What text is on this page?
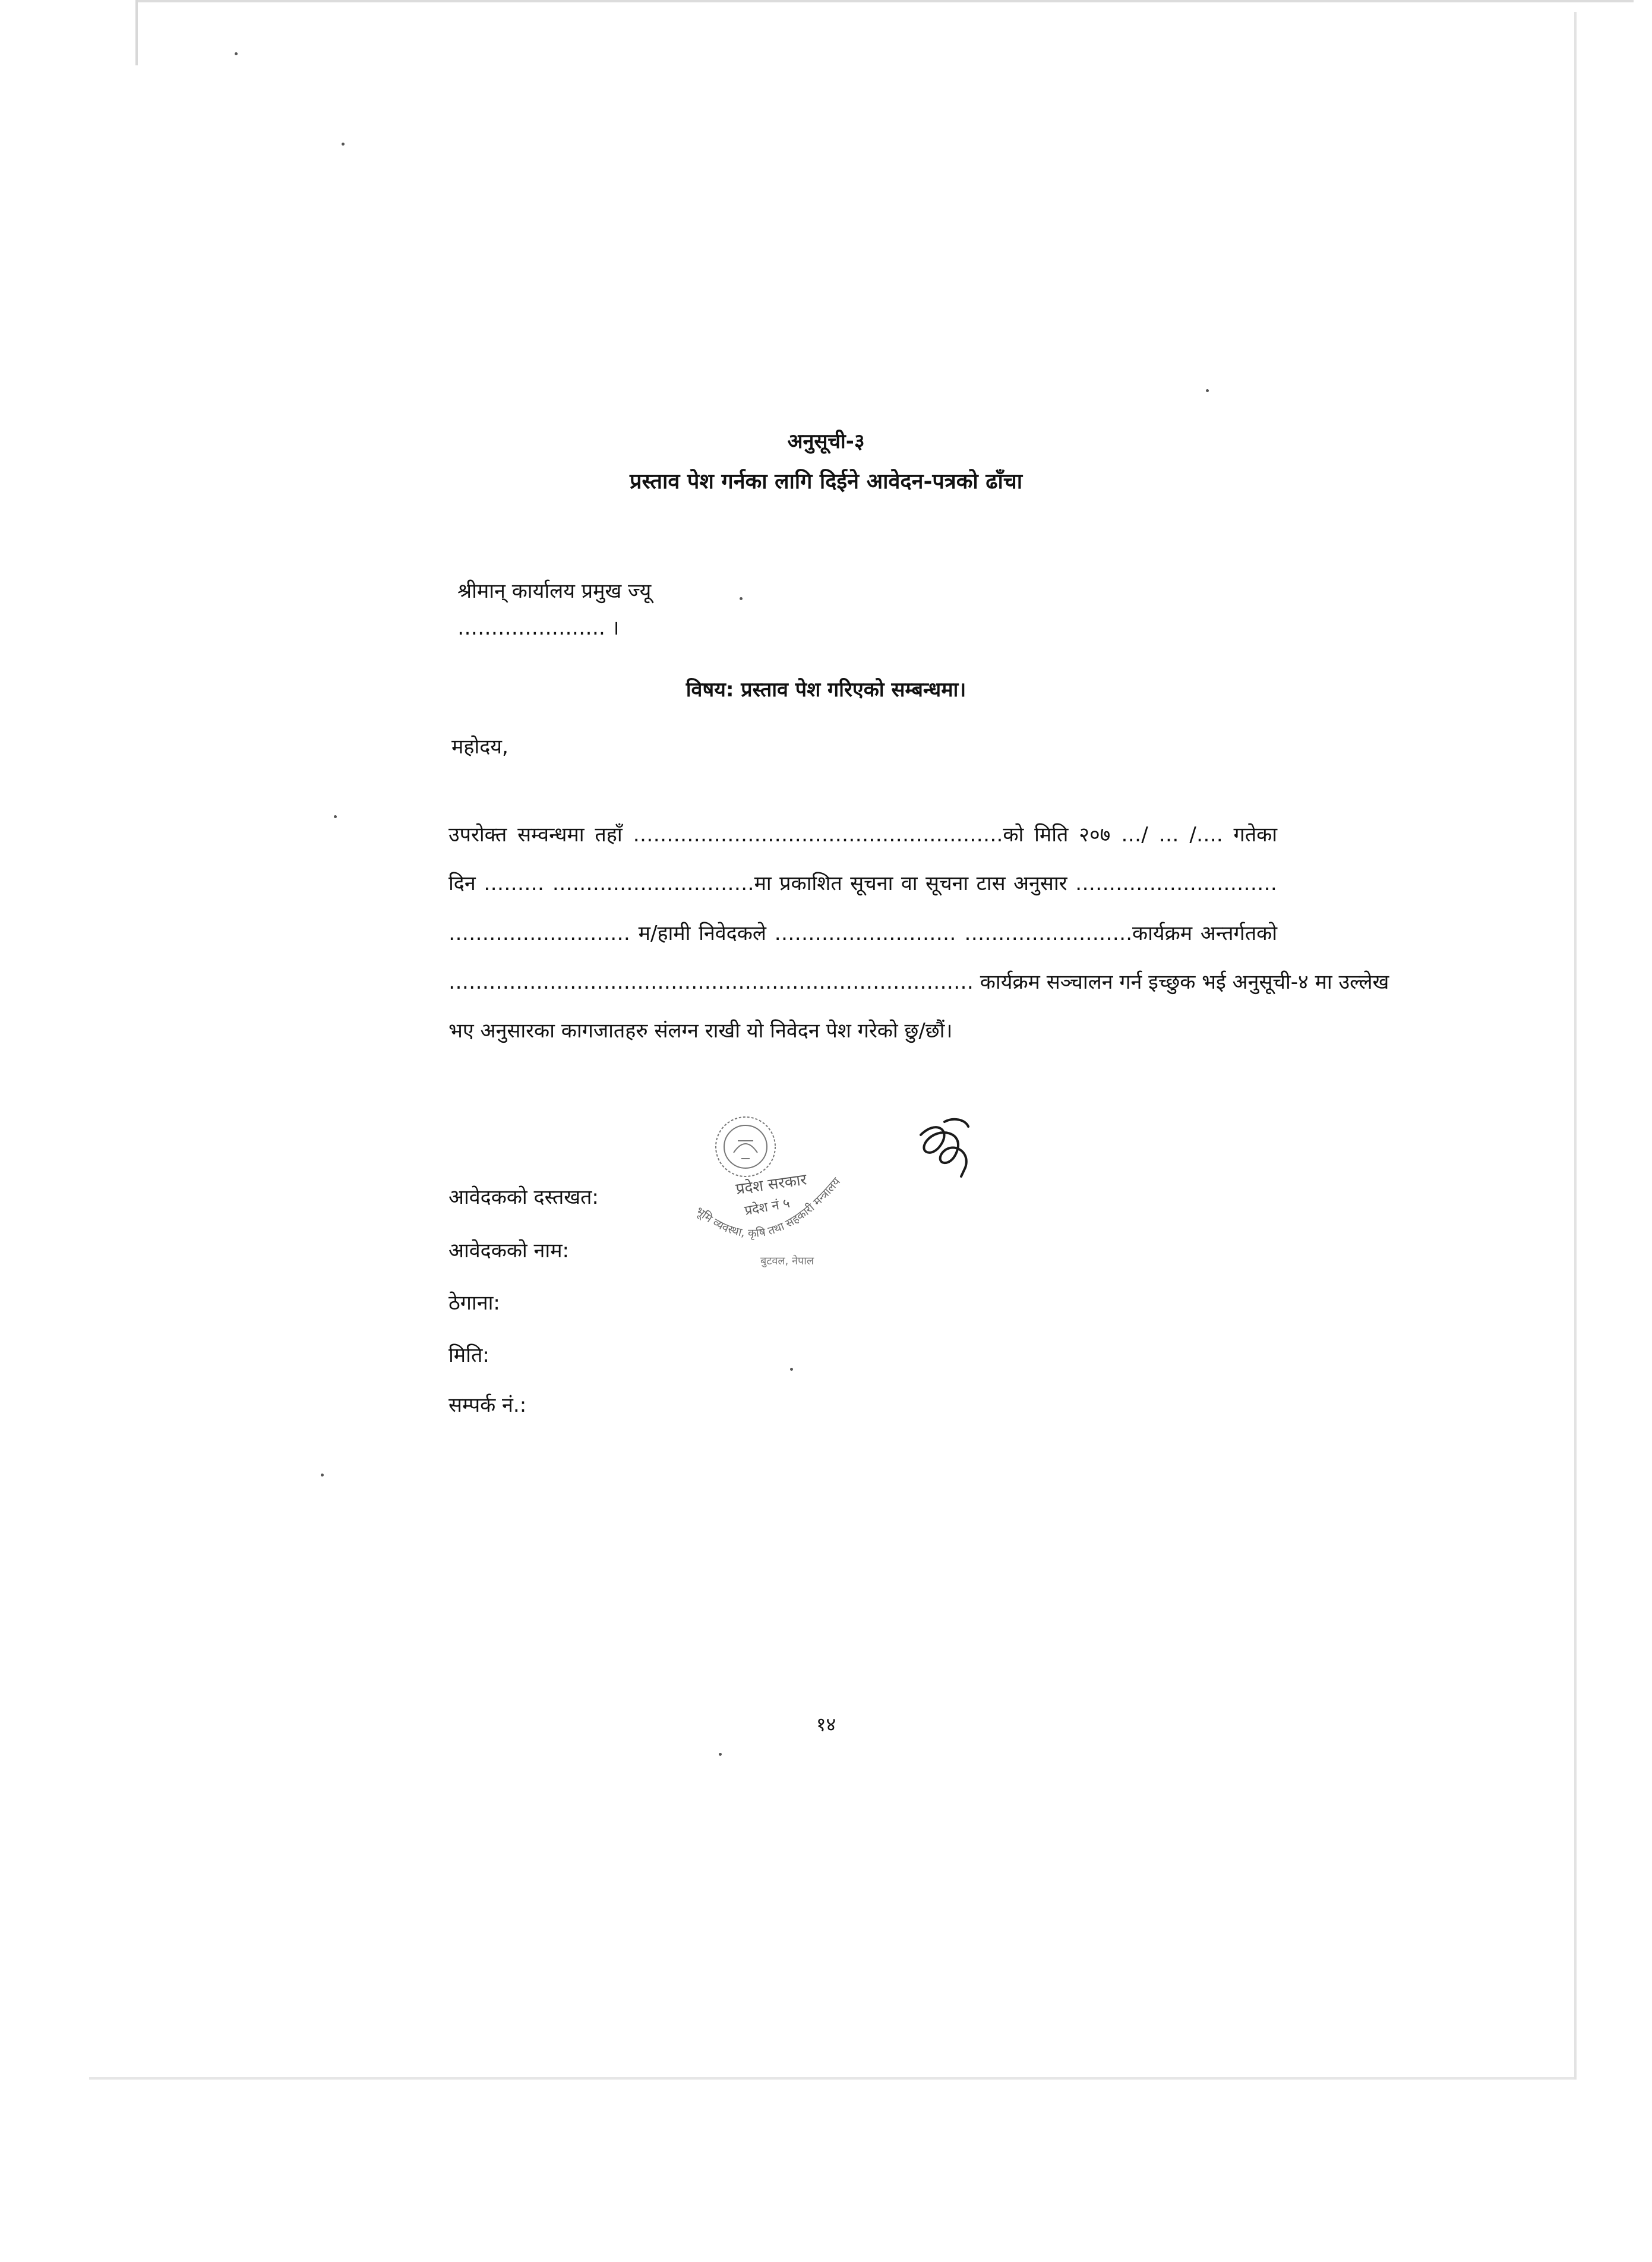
अनुसूची-३
प्रस्ताव पेश गर्नका लागि दिईने आवेदन-पत्रको ढाँचा
श्रीमान् कार्यालय प्रमुख ज्यू
…………………. ।
विषय: प्रस्ताव पेश गरिएको सम्बन्धमा।
महोदय,
उपरोक्त सम्वन्धमा तहाँ ……………………………………………….को मिति २०७ …/ … /…. गतेका
दिन ……… …………………………मा प्रकाशित सूचना वा सूचना टास अनुसार …………………………
……………………… म/हामी निवेदकले ……………………… …………………….कार्यक्रम अन्तर्गतको
…………………………………………………………………… कार्यक्रम सञ्चालन गर्न इच्छुक भई अनुसूची-४ मा उल्लेख
भए अनुसारका कागजातहरु संलग्न राखी यो निवेदन पेश गरेको छु/छौं।
प्रदेश सरकार
प्रदेश नं ५
भूमि व्यवस्था, कृषि तथा सहकारी मन्त्रालय
बुटवल, नेपाल
आवेदकको दस्तखत:
आवेदकको नाम:
ठेगाना:
मिति:
सम्पर्क नं.:
१४
